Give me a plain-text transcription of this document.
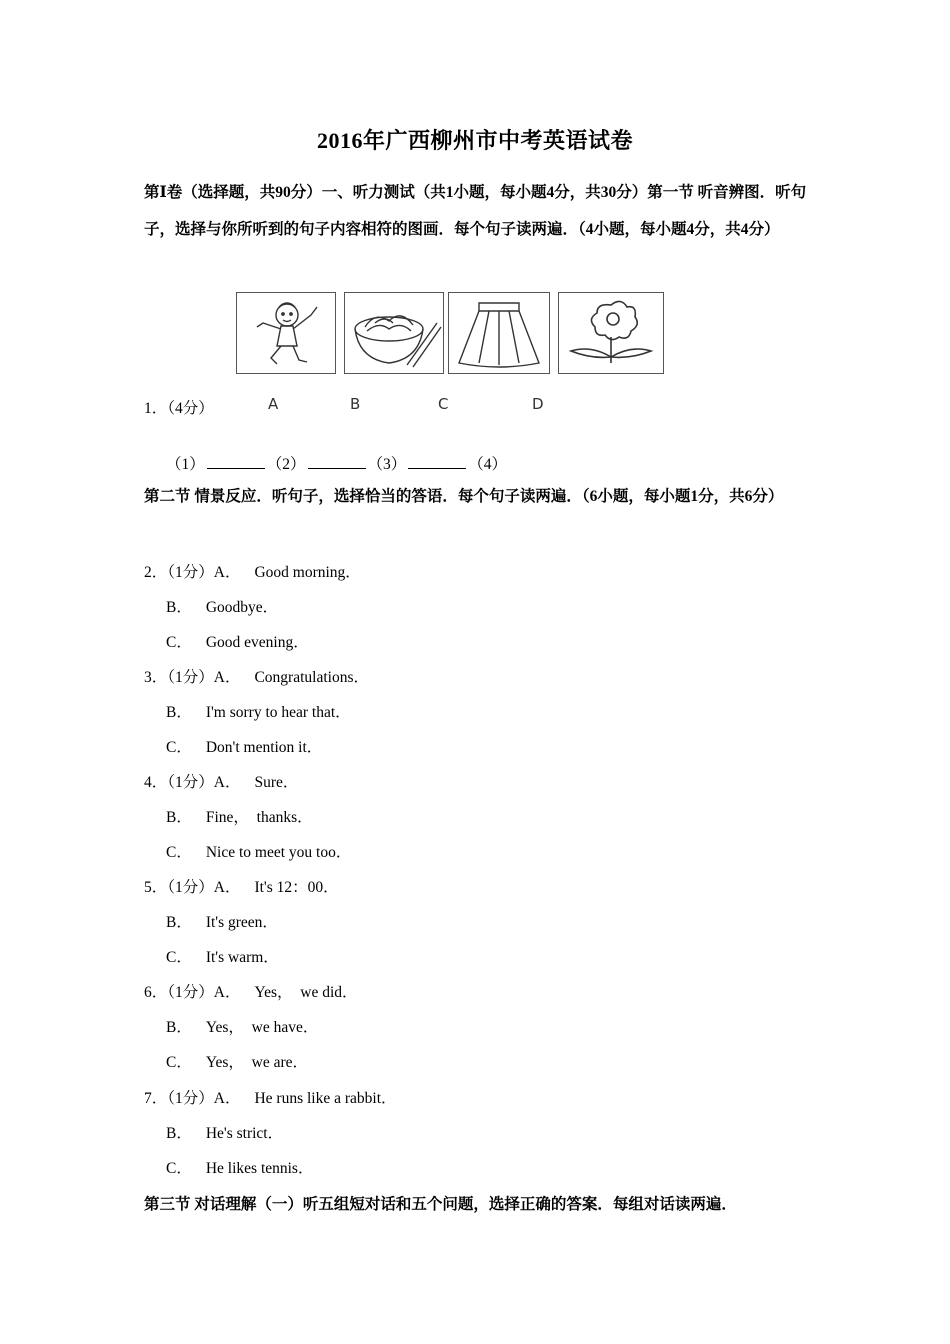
2016年广西柳州市中考英语试卷
第Ⅰ卷（选择题，共90分）一、听力测试（共1小题，每小题4分，共30分）第一节 听音辨图．听句子，选择与你所听到的句子内容相符的图画．每个句子读两遍．（4小题，每小题4分，共4分）
1．（4分）	A	B	C	D
（1）	（2）	（3）	（4）
第二节 情景反应．听句子，选择恰当的答语．每个句子读两遍．（6小题，每小题1分，共6分）
2．（1分）A． Good morning．
B． Goodbye．
C． Good evening．
3．（1分）A． Congratulations．
B． I'm sorry to hear that．
C． Don't mention it．
4．（1分）A． Sure．
B． Fine，  thanks．
C． Nice to meet you too．
5．（1分）A． It's 12：00．
B． It's green．
C． It's warm．
6．（1分）A． Yes，  we did．
B． Yes，  we have．
C． Yes，  we are．
7．（1分）A． He runs like a rabbit．
B． He's strict．
C． He likes tennis．
第三节 对话理解（一）听五组短对话和五个问题，选择正确的答案．每组对话读两遍．
